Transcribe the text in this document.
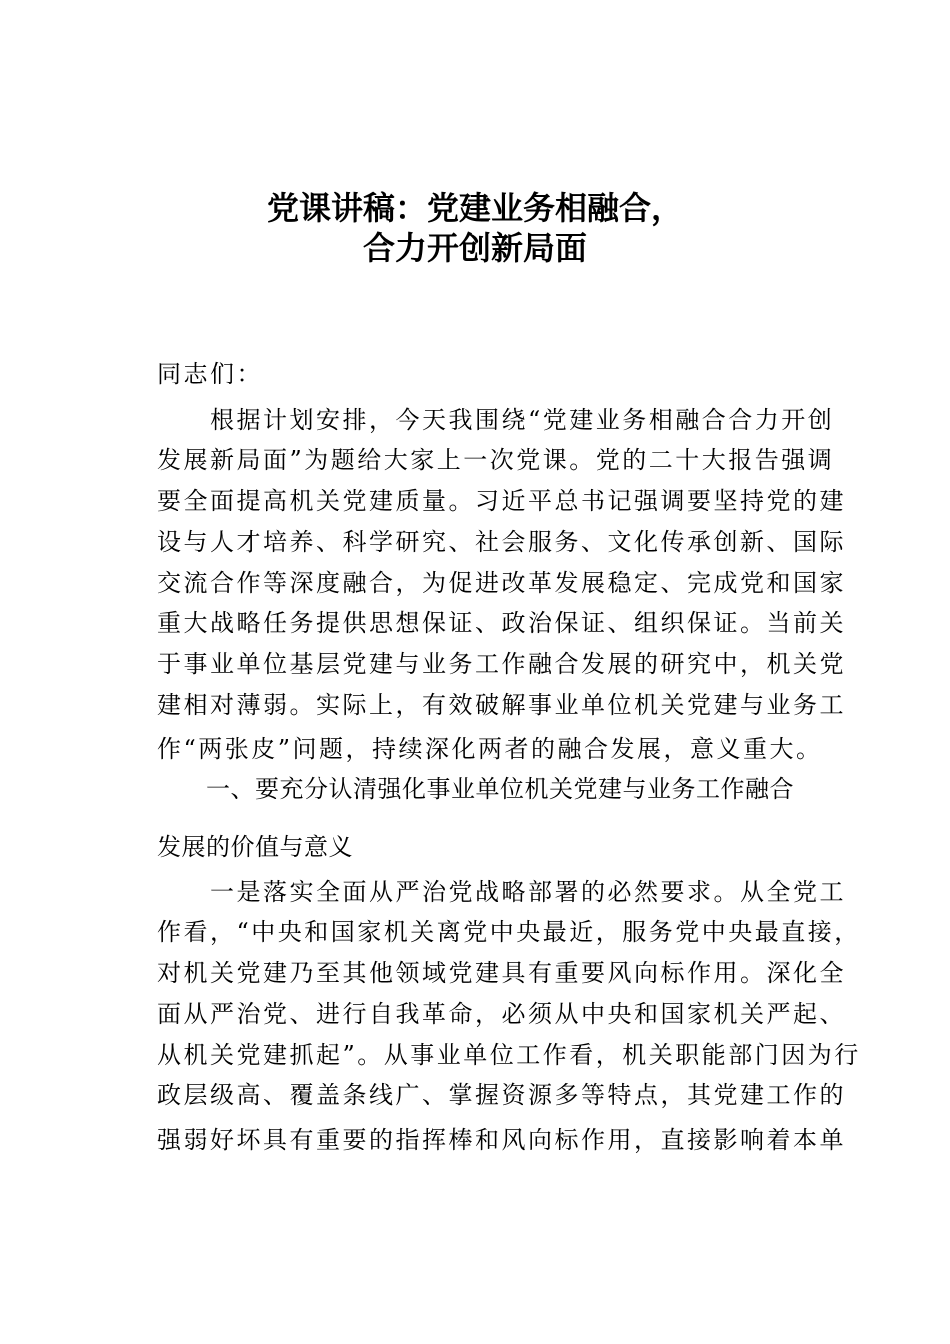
党课讲稿：党建业务相融合，
合力开创新局面

同志们：

　　根据计划安排，今天我围绕“党建业务相融合合力开创

发展新局面”为题给大家上一次党课。党的二十大报告强调

要全面提高机关党建质量。习近平总书记强调要坚持党的建

设与人才培养、科学研究、社会服务、文化传承创新、国际

交流合作等深度融合，为促进改革发展稳定、完成党和国家

重大战略任务提供思想保证、政治保证、组织保证。当前关

于事业单位基层党建与业务工作融合发展的研究中，机关党

建相对薄弱。实际上，有效破解事业单位机关党建与业务工

作“两张皮”问题，持续深化两者的融合发展，意义重大。

　　一、要充分认清强化事业单位机关党建与业务工作融合

发展的价值与意义

　　一是落实全面从严治党战略部署的必然要求。从全党工

作看，“中央和国家机关离党中央最近，服务党中央最直接，

对机关党建乃至其他领域党建具有重要风向标作用。深化全

面从严治党、进行自我革命，必须从中央和国家机关严起、

从机关党建抓起”。从事业单位工作看，机关职能部门因为行

政层级高、覆盖条线广、掌握资源多等特点，其党建工作的

强弱好坏具有重要的指挥棒和风向标作用，直接影响着本单
